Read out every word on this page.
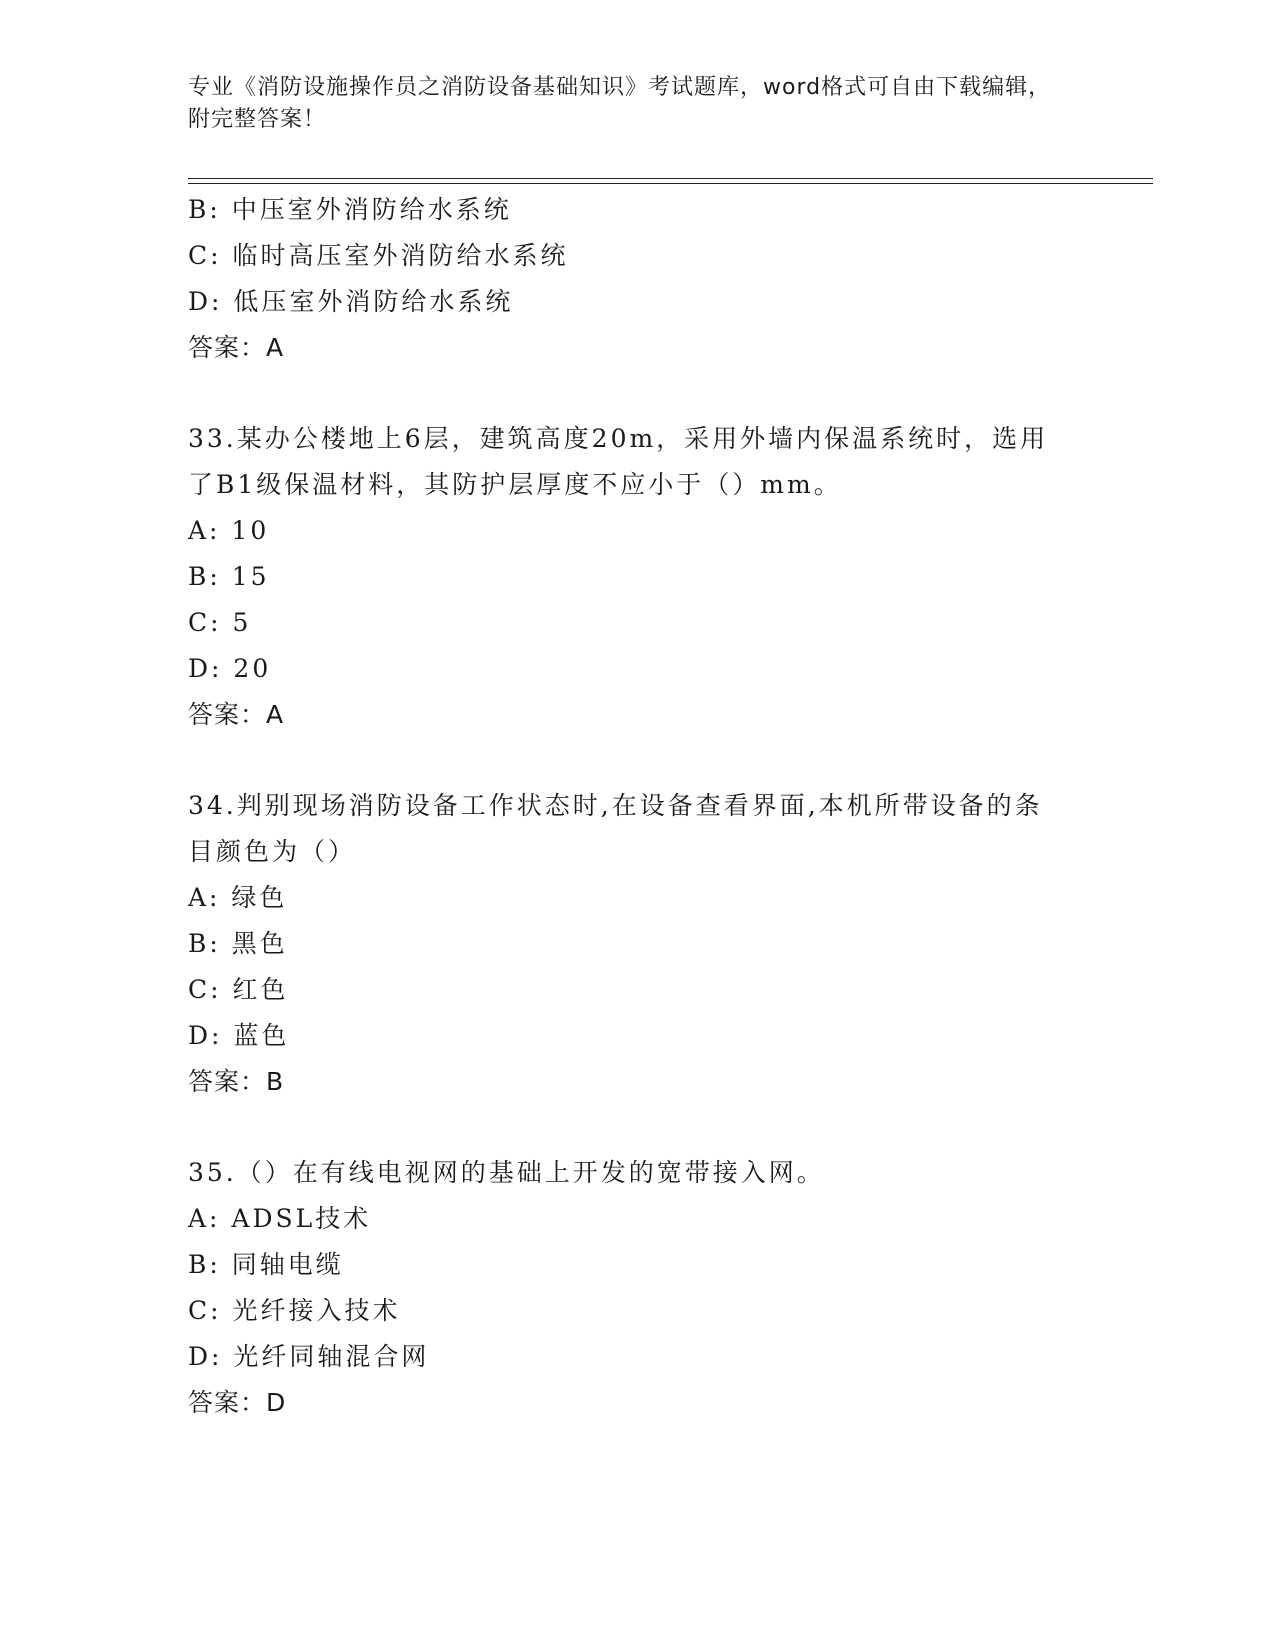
专业《消防设施操作员之消防设备基础知识》考试题库，word格式可自由下载编辑，附完整答案！
B: 中压室外消防给水系统
C: 临时高压室外消防给水系统
D: 低压室外消防给水系统
答案：A
33.某办公楼地上6层，建筑高度20m，采用外墙内保温系统时，选用
了B1级保温材料，其防护层厚度不应小于（）mm。
A: 10
B: 15
C: 5
D: 20
答案：A
34.判别现场消防设备工作状态时,在设备查看界面,本机所带设备的条
目颜色为（）
A: 绿色
B: 黑色
C: 红色
D: 蓝色
答案：B
35.（）在有线电视网的基础上开发的宽带接入网。
A: ADSL技术
B: 同轴电缆
C: 光纤接入技术
D: 光纤同轴混合网
答案：D
